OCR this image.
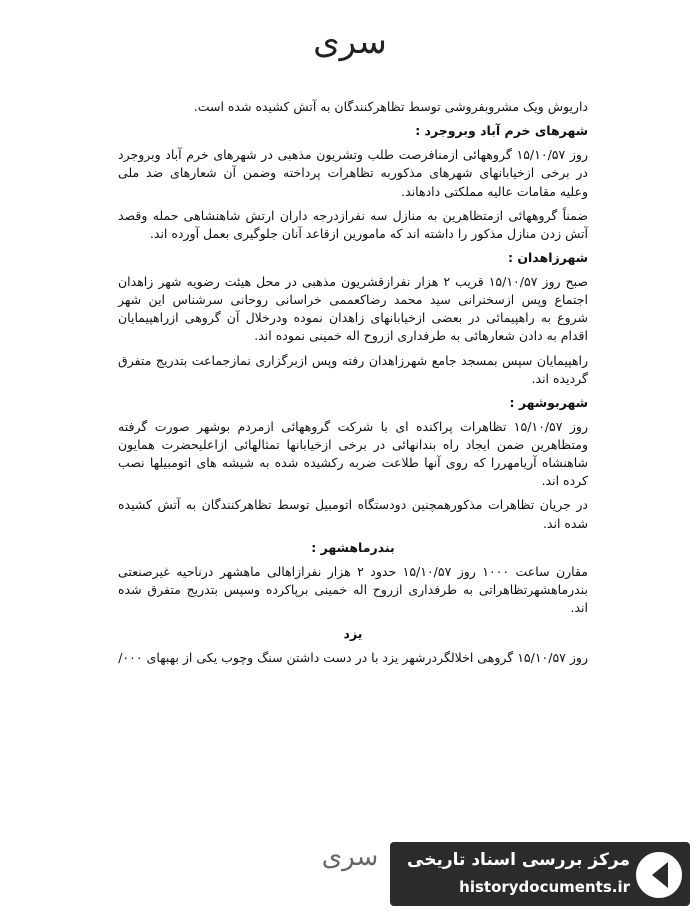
سری

داریوش ویک مشروبفروشی توسط تظاهرکنندگان به آتش کشیده شده است.

شهرهای خرم آباد وبروجرد :

روز ۱۵/۱۰/۵۷ گروههائی ازمنافرصت طلب وتشریون مذهبی در شهرهای خرم آباد وبروجرد در برخی ازخیابانهای شهرهای مذکوربه تظاهرات پرداخته وضمن آن شعارهای ضد ملی وعلیه مقامات عالیه مملکتی دادهاند.

ضمناً گروههائی ازمتظاهرین به منازل سه نفرازدرجه داران ارتش شاهنشاهی حمله وقصد آتش زدن منازل مذکور را داشته اند که مامورین ازقاعد آنان جلوگیری بعمل آورده اند.

شهرزاهدان :

صبح روز ۱۵/۱۰/۵۷ قریب ۲ هزار نفرازقشریون مذهبی در محل هیئت رضویه شهر زاهدان اجتماع وپس ازسخنرانی سید محمد رضاکعممی خراسانی روحانی سرشناس این شهر شروع به راهپیمائی در بعضی ازخیابانهای زاهدان نموده ودرخلال آن گروهی ازراهپیمایان اقدام به دادن شعارهائی به طرفداری ازروح اله خمینی نموده اند.

راهپیمایان سپس بمسجد جامع شهرزاهدان رفته وپس ازبرگزاری نمازجماعت بتدریج متفرق گردیده اند.

شهربوشهر :

روز ۱۵/۱۰/۵۷ تظاهرات پراکنده ای با شرکت گروههائی ازمردم بوشهر صورت گرفته ومتظاهرین ضمن ایجاد راه بندانهائی در برخی ازخیابانها تمثالهائی ازاعلیحضرت همایون شاهنشاه آریامهررا که روی آنها طلاعت ضربه رکشیده شده به شیشه های اتومبیلها نصب کرده اند.

در جریان تظاهرات مذکورهمچنین دودستگاه اتومبیل توسط تظاهرکنندگان به آتش کشیده شده اند.

بندرماهشهر :

مقارن ساعت ۱۰۰۰ روز ۱۵/۱۰/۵۷ حدود ۲ هزار نفرازاهالی ماهشهر درناحیه غیرصنعتی بندرماهشهرتظاهراتی به طرفداری ازروح اله خمینی برپاکرده وسپس بتدریج متفرق شده اند.

یزد

روز ۱۵/۱۰/۵۷ گروهی اخلالگردرشهر یزد با در دست داشتن سنگ وچوب یکی از بهبهای ۰۰۰/

سری	مرکز بررسی اسناد تاریخی
historydocuments.ir
